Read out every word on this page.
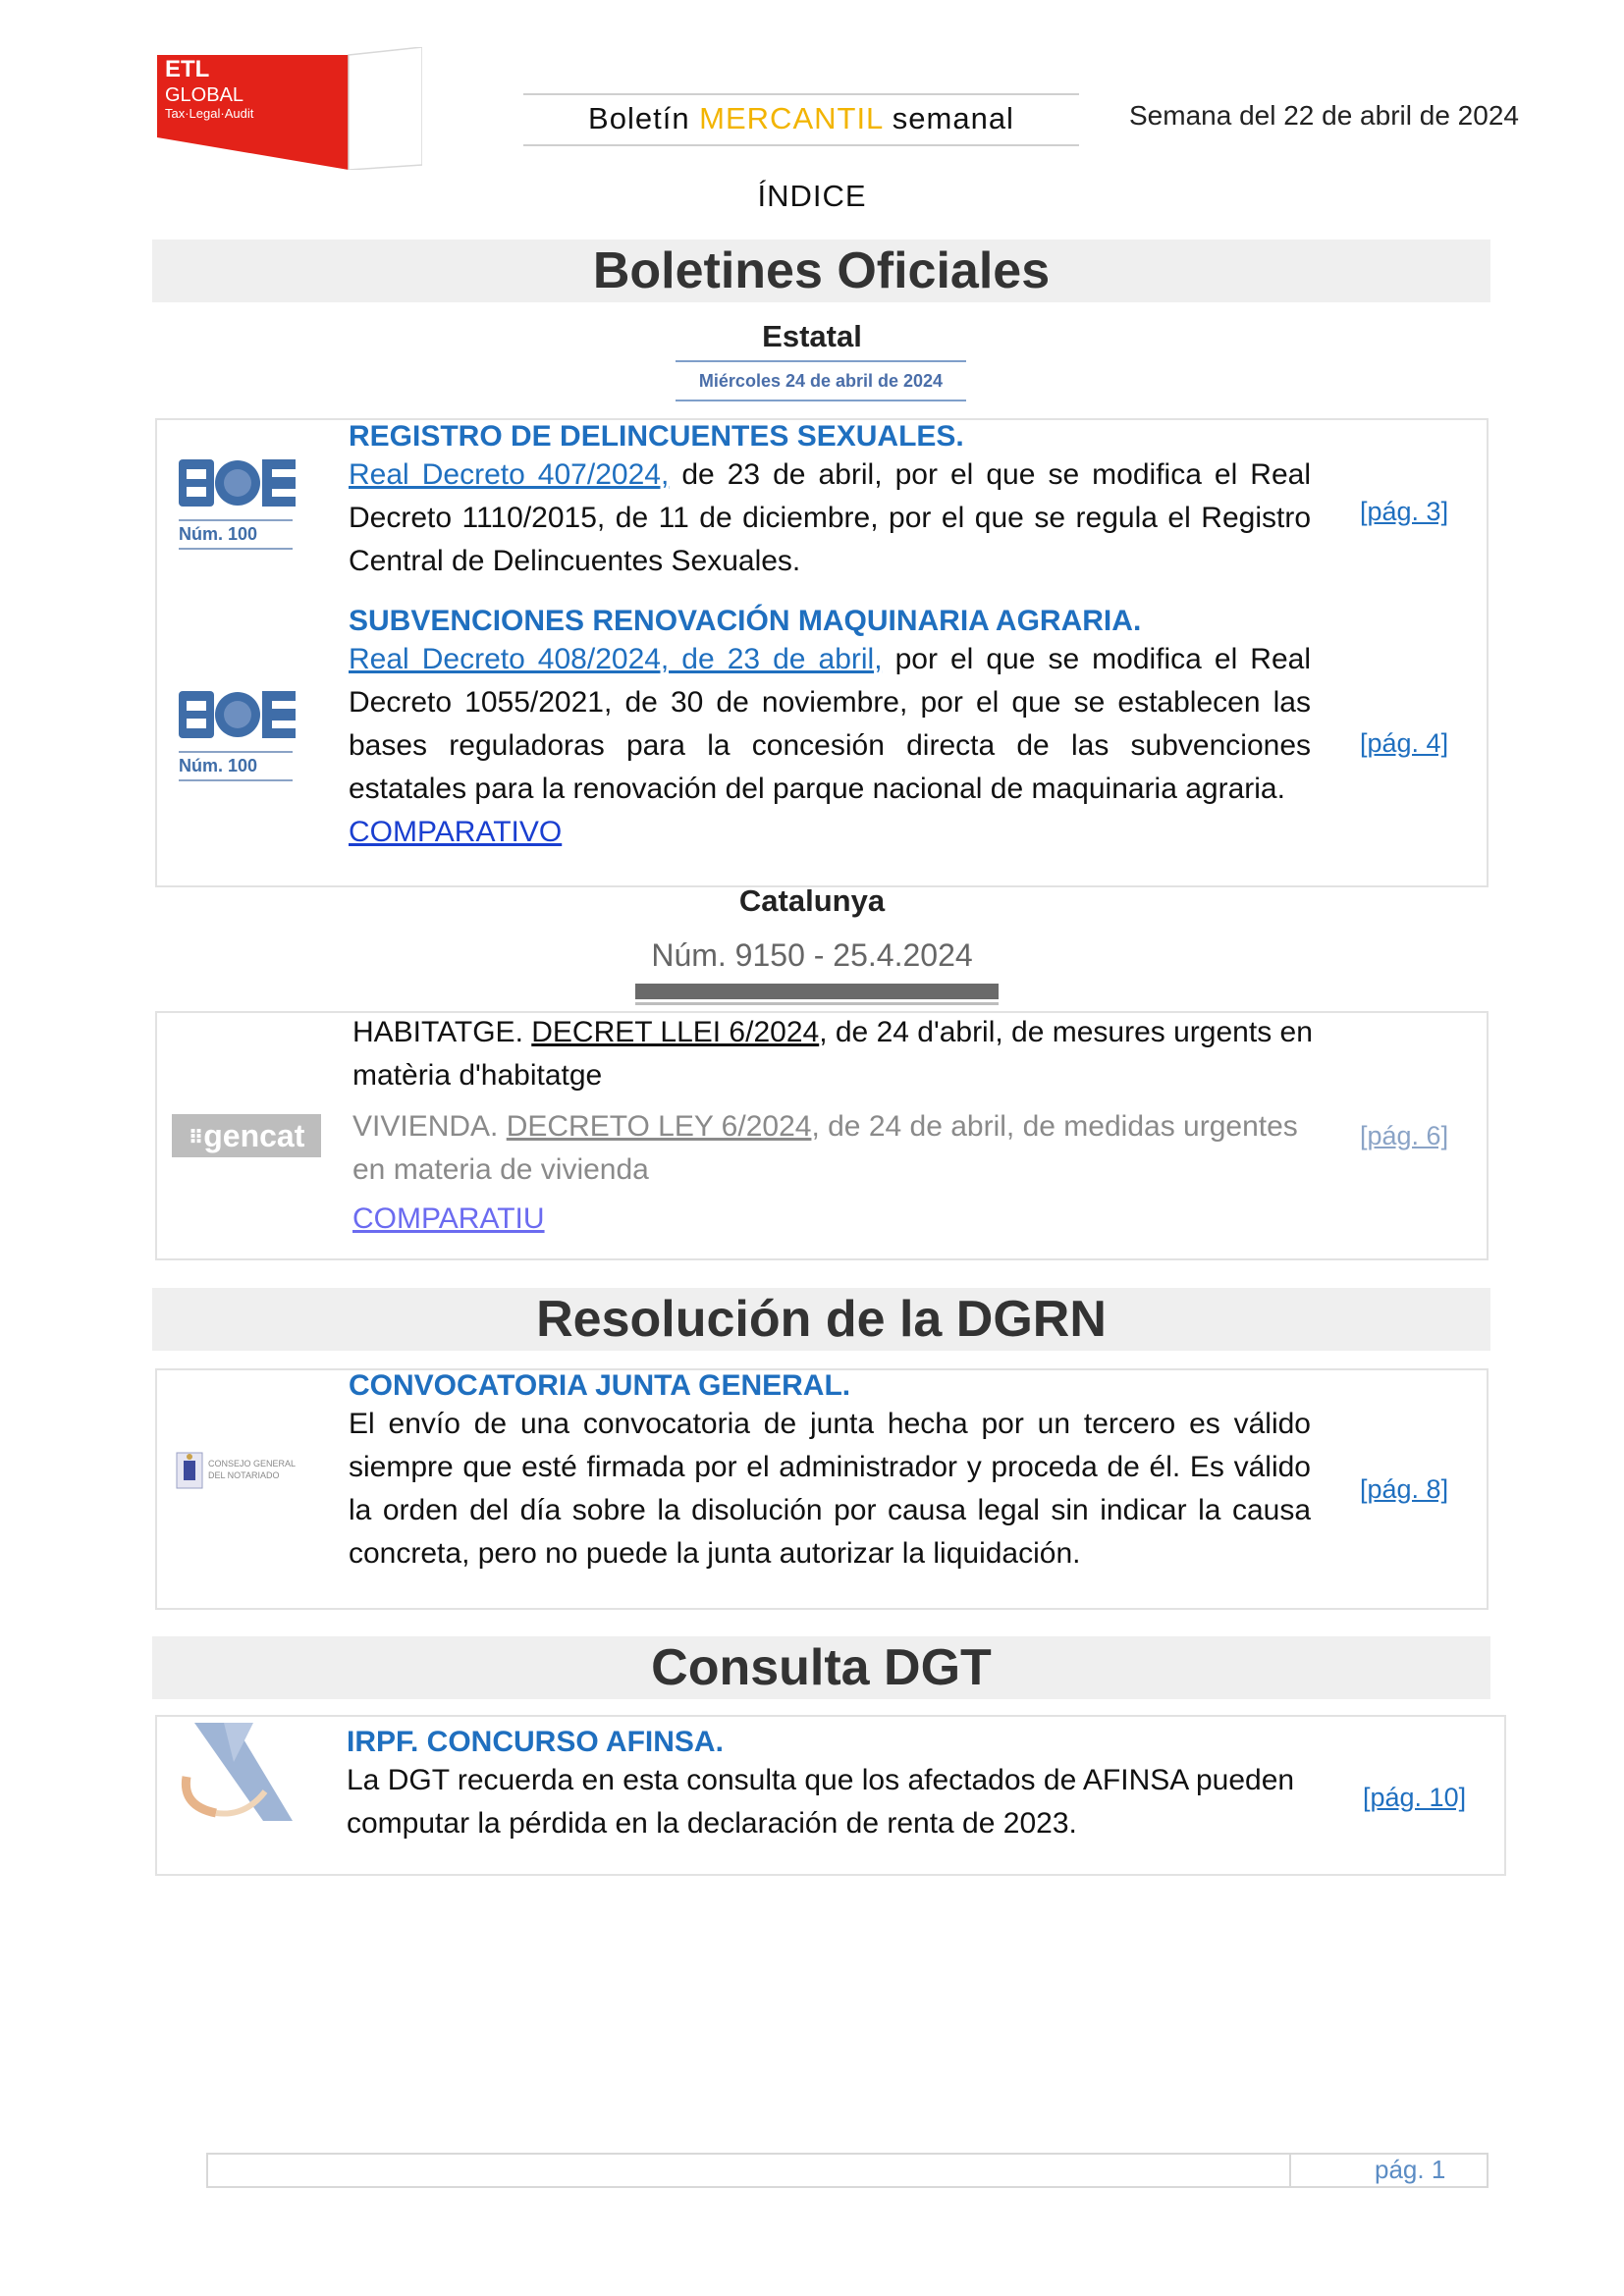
ETL
GLOBAL
Tax·Legal·Audit	Boletín MERCANTIL semanal	Semana del 22 de abril de 2024
ÍNDICE
Boletines Oficiales
Estatal
Miércoles 24 de abril de 2024
Núm. 100
REGISTRO DE DELINCUENTES SEXUALES.
Real Decreto 407/2024, de 23 de abril, por el que se modifica el Real Decreto 1110/2015, de 11 de diciembre, por el que se regula el Registro Central de Delincuentes Sexuales.
[pág. 3]
Núm. 100
SUBVENCIONES RENOVACIÓN MAQUINARIA AGRARIA.
Real Decreto 408/2024, de 23 de abril, por el que se modifica el Real Decreto 1055/2021, de 30 de noviembre, por el que se establecen las bases reguladoras para la concesión directa de las subvenciones estatales para la renovación del parque nacional de maquinaria agraria.
COMPARATIVO
[pág. 4]
Catalunya
Núm. 9150 - 25.4.2024
⠿gencat
HABITATGE. DECRET LLEI 6/2024, de 24 d'abril, de mesures urgents en matèria d'habitatge
VIVIENDA. DECRETO LEY 6/2024, de 24 de abril, de medidas urgentes en materia de vivienda
COMPARATIU
[pág. 6]
Resolución de la DGRN
CONSEJO GENERAL
DEL NOTARIADO
CONVOCATORIA JUNTA GENERAL.
El envío de una convocatoria de junta hecha por un tercero es válido siempre que esté firmada por el administrador y proceda de él. Es válido la orden del día sobre la disolución por causa legal sin indicar la causa concreta, pero no puede la junta autorizar la liquidación.
[pág. 8]
Consulta DGT
IRPF. CONCURSO AFINSA.
La DGT recuerda en esta consulta que los afectados de AFINSA pueden computar la pérdida en la declaración de renta de 2023.
[pág. 10]
pág. 1
